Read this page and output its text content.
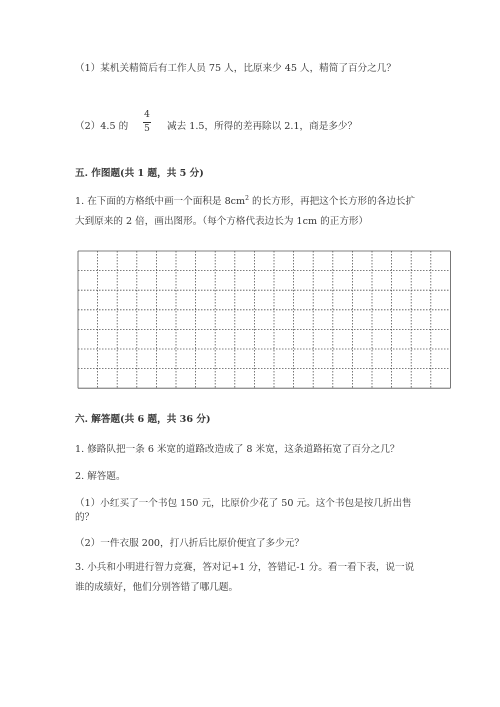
（1）某机关精简后有工作人员 75 人，比原来少 45 人，精简了百分之几？
（2）4.5 的
4
5 减去 1.5，所得的差再除以 2.1，商是多少？
五. 作图题(共 1 题，共 5 分)
1. 在下面的方格纸中画一个面积是 $8cm^2$ 的长方形，再把这个长方形的各边长扩
大到原来的 2 倍，画出图形。（每个方格代表边长为 1cm 的正方形）
六. 解答题(共 6 题，共 36 分)
1. 修路队把一条 6 米宽的道路改造成了 8 米宽，这条道路拓宽了百分之几？
2. 解答题。
（1）小红买了一个书包 150 元，比原价少花了 50 元。这个书包是按几折出售
的？
（2）一件衣服 200，打八折后比原价便宜了多少元？
3. 小兵和小明进行智力竞赛，答对记+1 分，答错记-1 分。看一看下表，说一说
谁的成绩好，他们分别答错了哪几题。
